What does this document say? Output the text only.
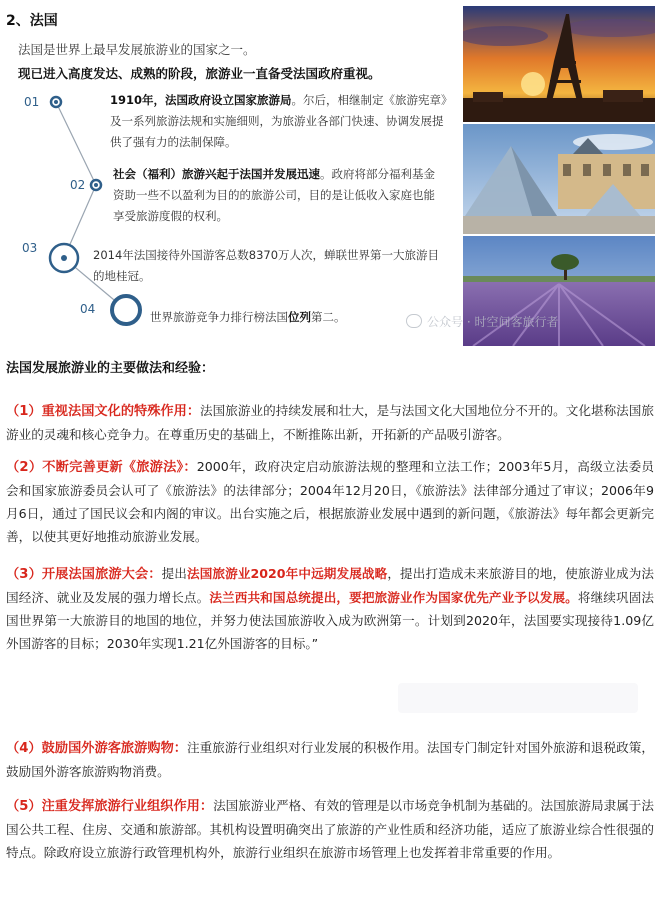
2、法国
法国是世界上最早发展旅游业的国家之一。
现已进入高度发达、成熟的阶段，旅游业一直备受法国政府重视。
01
02
03
04
1910年，法国政府设立国家旅游局。尔后，相继制定《旅游宪章》及一系列旅游法规和实施细则，为旅游业各部门快速、协调发展提供了强有力的法制保障。
社会（福利）旅游兴起于法国并发展迅速。政府将部分福利基金资助一些不以盈利为目的的旅游公司，目的是让低收入家庭也能享受旅游度假的权利。
2014年法国接待外国游客总数8370万人次，蝉联世界第一大旅游目的地桂冠。
世界旅游竞争力排行榜法国位列第二。	公众号 · 时空间客旅行者
法国发展旅游业的主要做法和经验：
（1）重视法国文化的特殊作用：法国旅游业的持续发展和壮大，是与法国文化大国地位分不开的。文化堪称法国旅游业的灵魂和核心竞争力。在尊重历史的基础上，不断推陈出新，开拓新的产品吸引游客。
（2）不断完善更新《旅游法》：2000年，政府决定启动旅游法规的整理和立法工作；2003年5月，高级立法委员会和国家旅游委员会认可了《旅游法》的法律部分；2004年12月20日，《旅游法》法律部分通过了审议；2006年9月6日，通过了国民议会和内阁的审议。出台实施之后，根据旅游业发展中遇到的新问题，《旅游法》每年都会更新完善，以使其更好地推动旅游业发展。
（3）开展法国旅游大会：提出法国旅游业2020年中远期发展战略，提出打造成未来旅游目的地，使旅游业成为法国经济、就业及发展的强力增长点。法兰西共和国总统提出，要把旅游业作为国家优先产业予以发展。将继续巩固法国世界第一大旅游目的地国的地位，并努力使法国旅游收入成为欧洲第一。计划到2020年，法国要实现接待1.09亿外国游客的目标；2030年实现1.21亿外国游客的目标。”
（4）鼓励国外游客旅游购物：注重旅游行业组织对行业发展的积极作用。法国专门制定针对国外旅游和退税政策，鼓励国外游客旅游购物消费。
（5）注重发挥旅游行业组织作用：法国旅游业严格、有效的管理是以市场竞争机制为基础的。法国旅游局隶属于法国公共工程、住房、交通和旅游部。其机构设置明确突出了旅游的产业性质和经济功能，适应了旅游业综合性很强的特点。除政府设立旅游行政管理机构外，旅游行业组织在旅游市场管理上也发挥着非常重要的作用。
